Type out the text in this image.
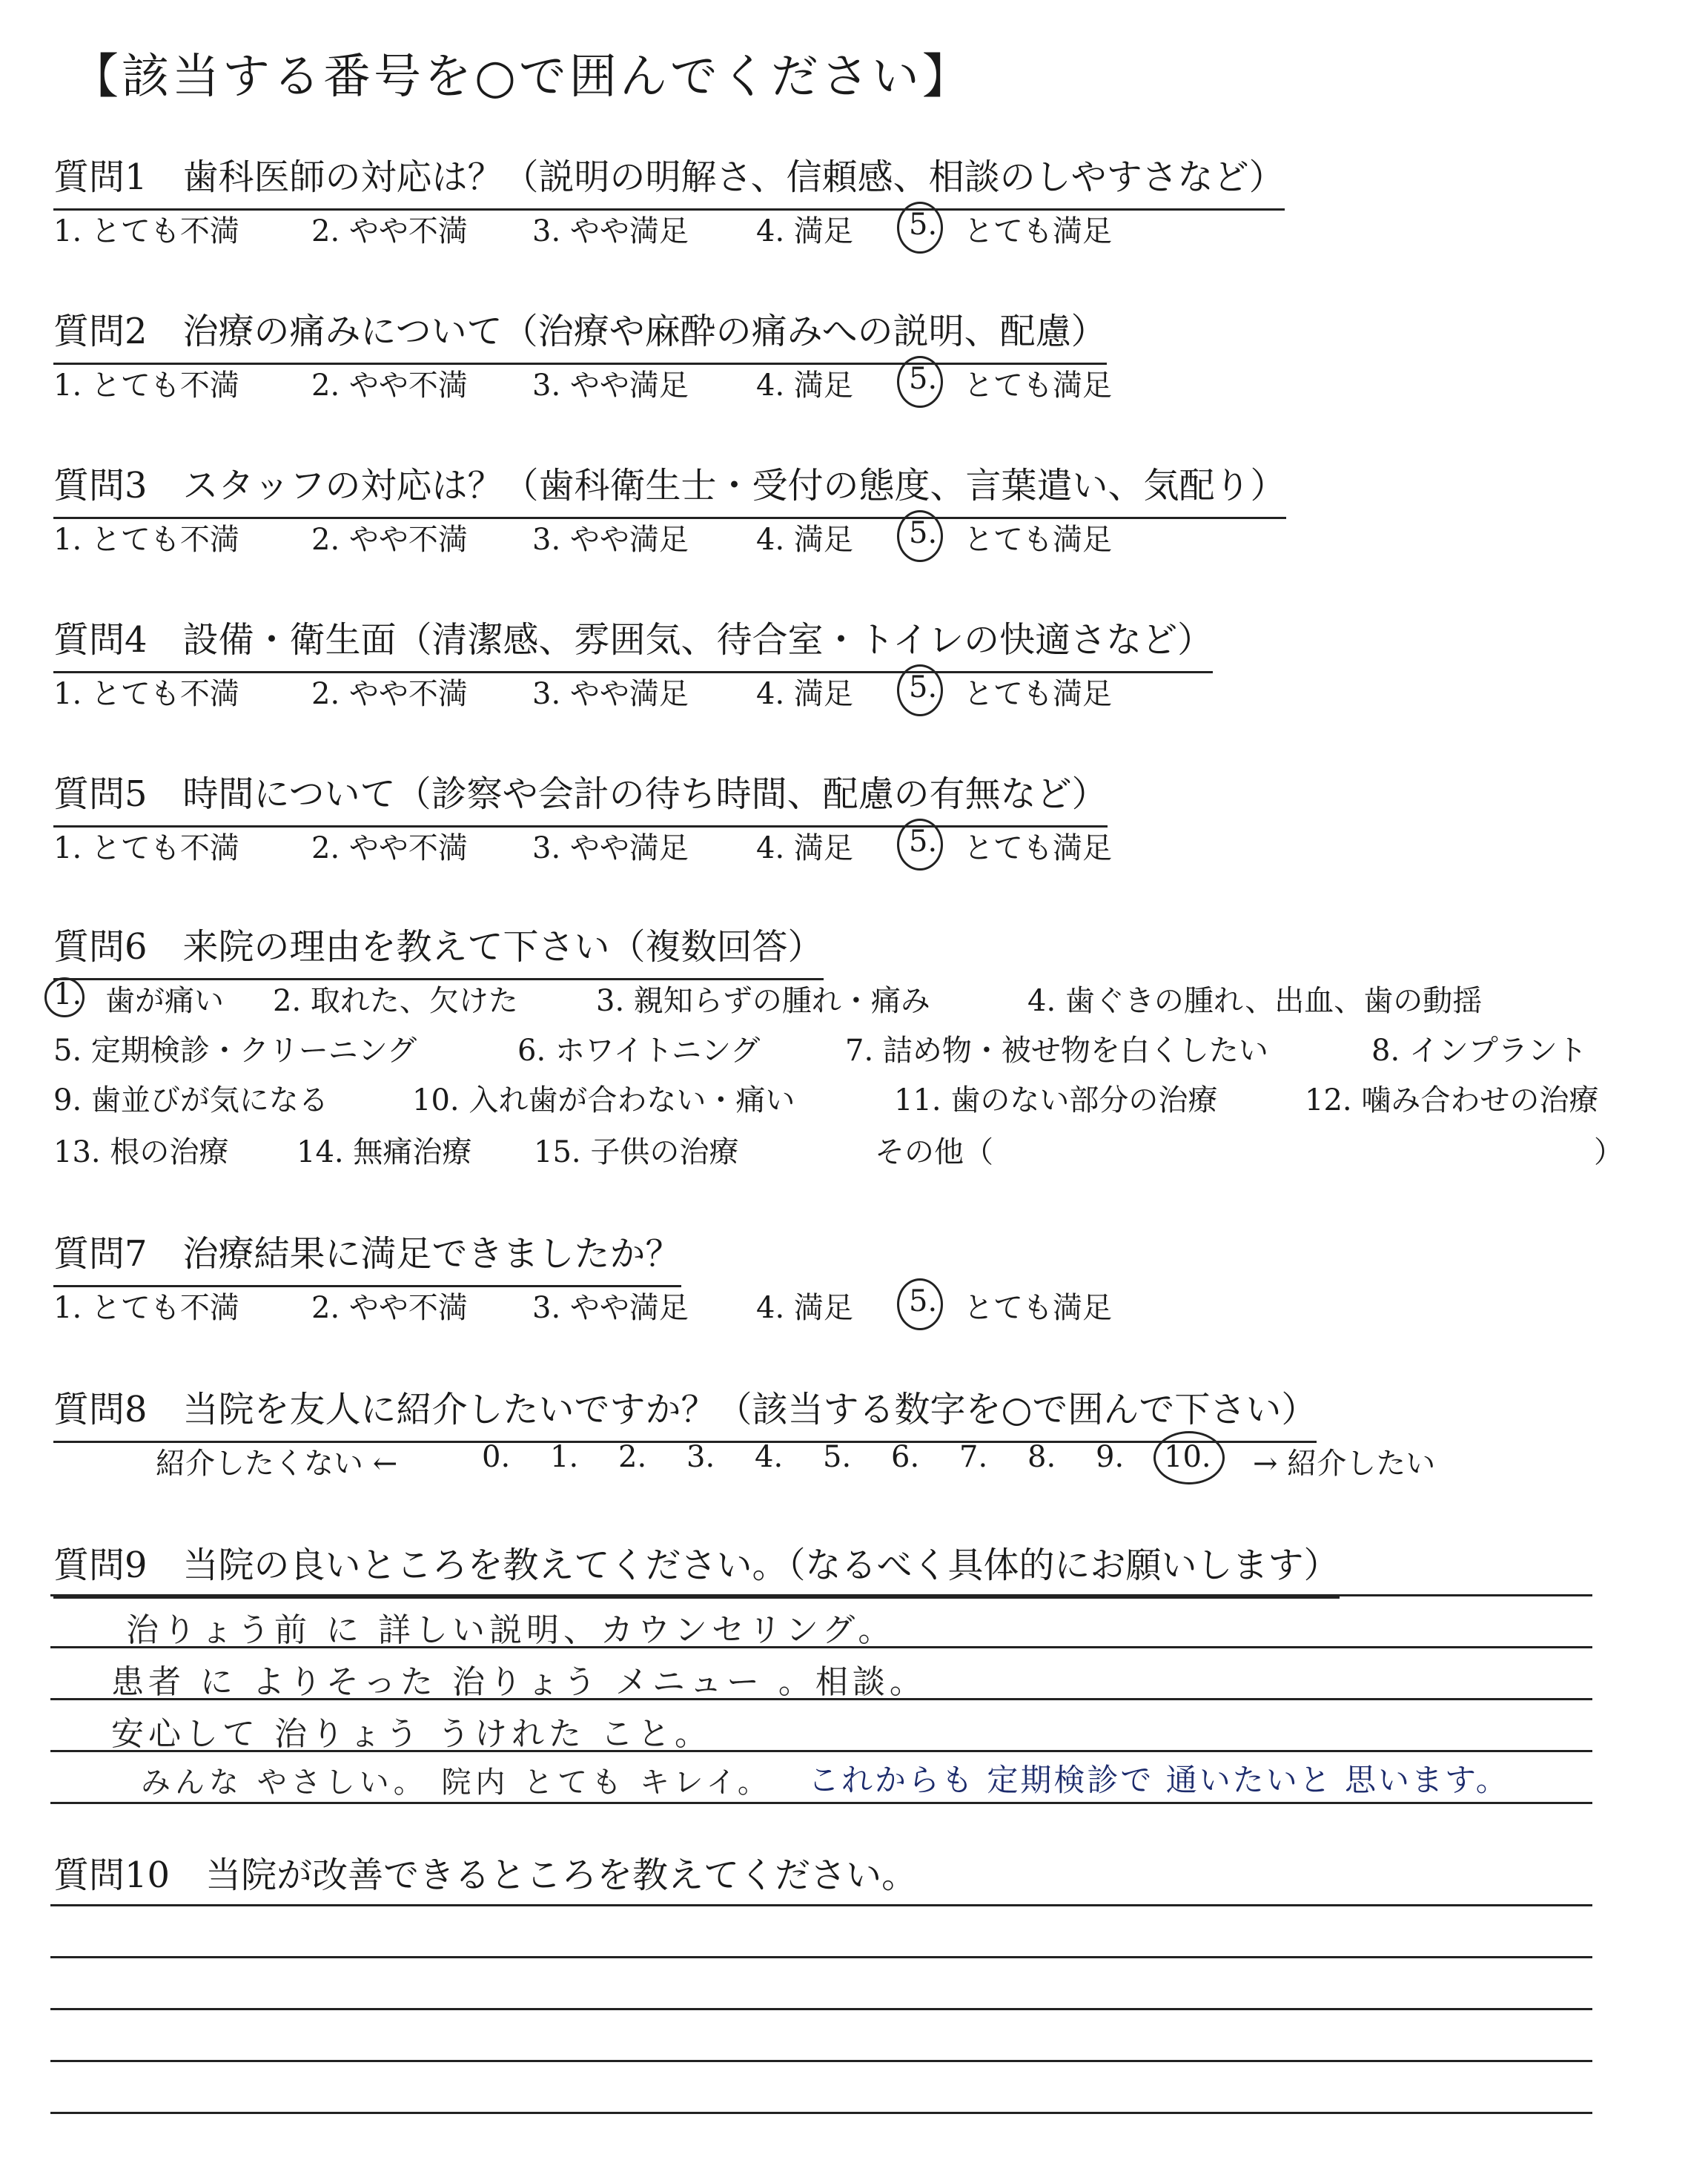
【該当する番号を○で囲んでください】
質問1　歯科医師の対応は？（説明の明解さ、信頼感、相談のしやすさなど）
1. とても不満 2. やや不満 3. やや満足 4. 満足 5. とても満足
質問2　治療の痛みについて（治療や麻酔の痛みへの説明、配慮）
1. とても不満 2. やや不満 3. やや満足 4. 満足 5. とても満足
質問3　スタッフの対応は？（歯科衛生士・受付の態度、言葉遣い、気配り）
1. とても不満 2. やや不満 3. やや満足 4. 満足 5. とても満足
質問4　設備・衛生面（清潔感、雰囲気、待合室・トイレの快適さなど）
1. とても不満 2. やや不満 3. やや満足 4. 満足 5. とても満足
質問5　時間について（診察や会計の待ち時間、配慮の有無など）
1. とても不満 2. やや不満 3. やや満足 4. 満足 5. とても満足
質問6　来院の理由を教えて下さい（複数回答）
1. 歯が痛い 2. 取れた、欠けた	3. 親知らずの腫れ・痛み	4. 歯ぐきの腫れ、出血、歯の動揺
5. 定期検診・クリーニング	6. ホワイトニング	7. 詰め物・被せ物を白くしたい	8. インプラント
9. 歯並びが気になる	10. 入れ歯が合わない・痛い	11. 歯のない部分の治療	12. 噛み合わせの治療
13. 根の治療 14. 無痛治療 15. 子供の治療	その他（	）
質問7　治療結果に満足できましたか？
1. とても不満 2. やや不満 3. やや満足 4. 満足 5. とても満足
質問8　当院を友人に紹介したいですか？（該当する数字を○で囲んで下さい）
紹介したくない ←	0. 1. 2. 3. 4. 5. 6. 7. 8. 9. 10. → 紹介したい
質問9　当院の良いところを教えてください。（なるべく具体的にお願いします）
治りょう前 に 詳しい説明、カウンセリング。
患者 に よりそった 治りょう メニュー 。相談。
安心して 治りょう うけれた こと。
みんな やさしい。 院内 とても キレイ。 これからも 定期検診で 通いたいと 思います。
質問10　当院が改善できるところを教えてください。
